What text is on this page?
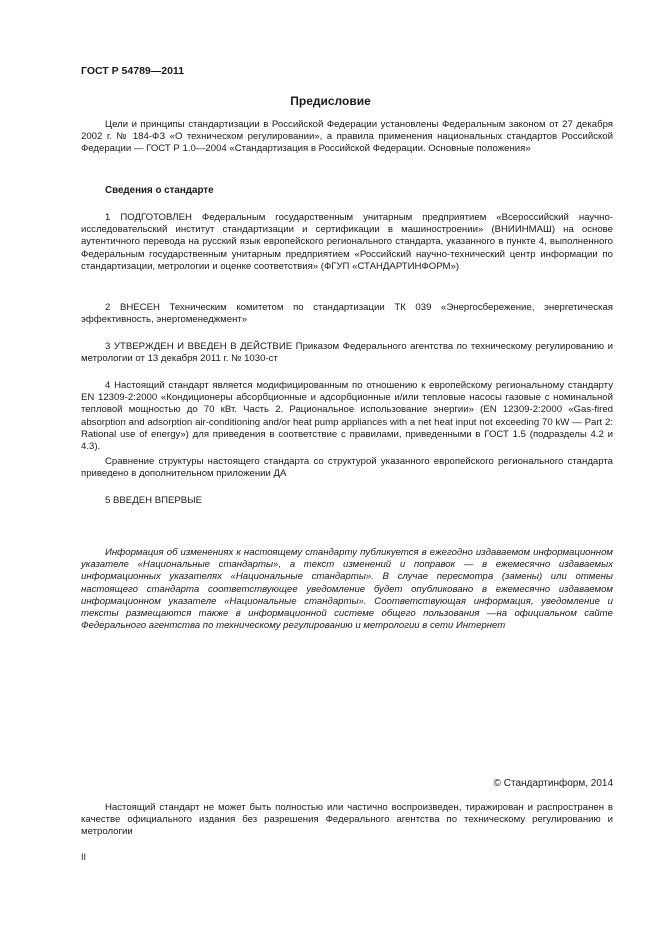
ГОСТ Р 54789—2011
Предисловие

Цели и принципы стандартизации в Российской Федерации установлены Федеральным законом от 27 декабря 2002 г. № 184-ФЗ «О техническом регулировании», а правила применения национальных стандартов Российской Федерации — ГОСТ Р 1.0—2004 «Стандартизация в Российской Федерации. Основные положения»

Сведения о стандарте

1 ПОДГОТОВЛЕН Федеральным государственным унитарным предприятием «Всероссийский научно-исследовательский институт стандартизации и сертификации в машиностроении» (ВНИИНМАШ) на основе аутентичного перевода на русский язык европейского регионального стандарта, указанного в пункте 4, выполненного Федеральным государственным унитарным предприятием «Российский научно-технический центр информации по стандартизации, метрологии и оценке соответствия» (ФГУП «СТАНДАРТИНФОРМ»)

2 ВНЕСЕН Техническим комитетом по стандартизации ТК 039 «Энергосбережение, энергетическая эффективность, энергоменеджмент»

3 УТВЕРЖДЕН И ВВЕДЕН В ДЕЙСТВИЕ Приказом Федерального агентства по техническому регулированию и метрологии от 13 декабря 2011 г. № 1030-ст

4 Настоящий стандарт является модифицированным по отношению к европейскому региональному стандарту EN 12309-2:2000 «Кондиционеры абсорбционные и адсорбционные и/или тепловые насосы газовые с номинальной тепловой мощностью до 70 кВт. Часть 2. Рациональное использование энергии» (EN 12309-2:2000 «Gas-fired absorption and adsorption air-conditioning and/or heat pump appliances with a net heat input not exceeding 70 kW — Part 2: Rational use of energy») для приведения в соответствие с правилами, приведенными в ГОСТ 1.5 (подразделы 4.2 и 4.3).

Сравнение структуры настоящего стандарта со структурой указанного европейского регионального стандарта приведено в дополнительном приложении ДА

5 ВВЕДЕН ВПЕРВЫЕ

Информация об изменениях к настоящему стандарту публикуется в ежегодно издаваемом информационном указателе «Национальные стандарты», а текст изменений и поправок — в ежемесячно издаваемых информационных указателях «Национальные стандарты». В случае пересмотра (замены) или отмены настоящего стандарта соответствующее уведомление будет опубликовано в ежемесячно издаваемом информационном указателе «Национальные стандарты». Соответствующая информация, уведомление и тексты размещаются также в информационной системе общего пользования —на официальном сайте Федерального агентства по техническому регулированию и метрологии в сети Интернет

© Стандартинформ, 2014

Настоящий стандарт не может быть полностью или частично воспроизведен, тиражирован и распространен в качестве официального издания без разрешения Федерального агентства по техническому регулированию и метрологии

II
